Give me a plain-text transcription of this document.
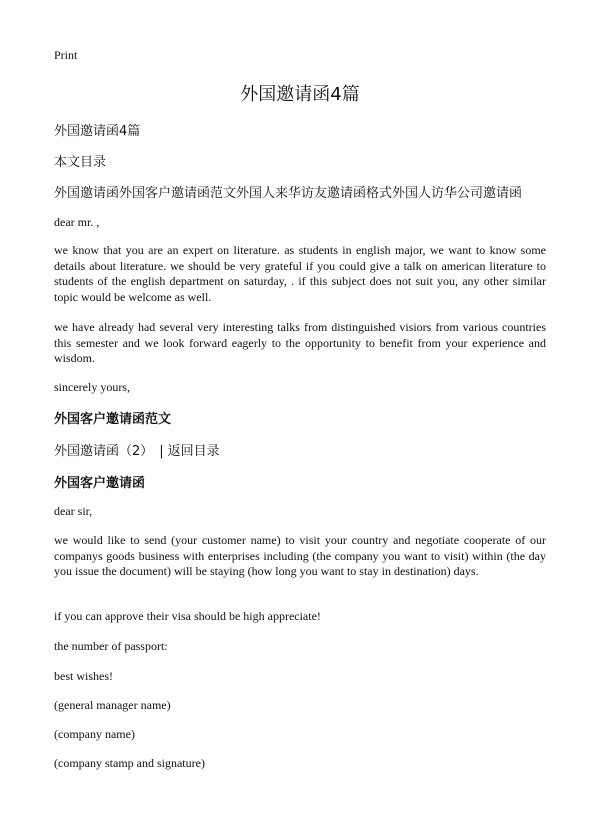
Print
外国邀请函4篇
外国邀请函4篇
本文目录
外国邀请函外国客户邀请函范文外国人来华访友邀请函格式外国人访华公司邀请函
dear mr. ,
we know that you are an expert on literature. as students in english major, we want to know some details about literature. we should be very grateful if you could give a talk on american literature to students of the english department on saturday, . if this subject does not suit you, any other similar topic would be welcome as well.
we have already had several very interesting talks from distinguished visiors from various countries this semester and we look forward eagerly to the opportunity to benefit from your experience and wisdom.
sincerely yours,
外国客户邀请函范文
外国邀请函（2） | 返回目录
外国客户邀请函
dear sir,
we would like to send (your customer name) to visit your country and negotiate cooperate of our companys goods business with enterprises including (the company you want to visit) within (the day you issue the document) will be staying (how long you want to stay in destination) days.
if you can approve their visa should be high appreciate!
the number of passport:
best wishes!
(general manager name)
(company name)
(company stamp and signature)
